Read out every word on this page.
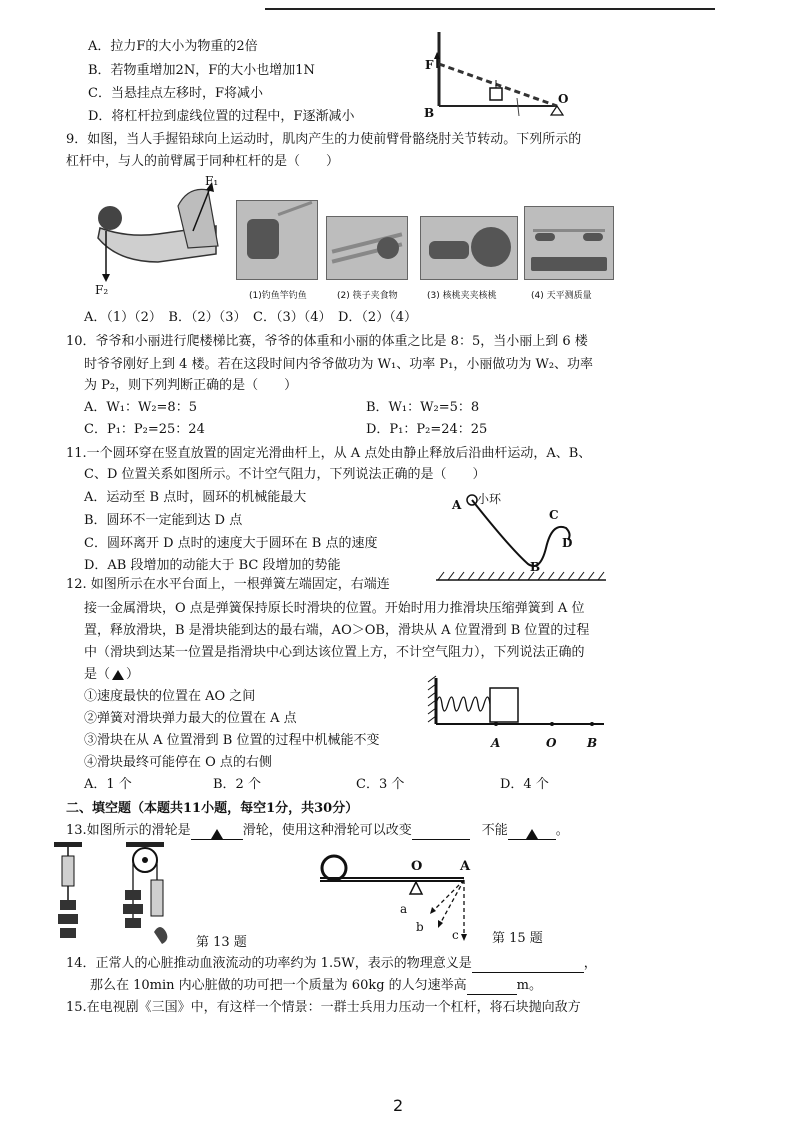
A．拉力F的大小为物重的2倍
B．若物重增加2N，F的大小也增加1N
C．当悬挂点左移时，F将减小
D．将杠杆拉到虚线位置的过程中，F逐渐减小
F
B
O
9．如图，当人手握铅球向上运动时，肌肉产生的力使前臂骨骼绕肘关节转动。下列所示的
杠杆中，与人的前臂属于同种杠杆的是（　　）
F₁
F₂	(1)钓鱼竿钓鱼	(2) 筷子夹食物	(3) 核桃夹夹核桃	(4) 天平测质量
A．（1）（2）　B．（2）（3）　C．（3）（4）　D．（2）（4）
10．爷爷和小丽进行爬楼梯比赛，爷爷的体重和小丽的体重之比是 8：5，当小丽上到 6 楼
时爷爷刚好上到 4 楼。若在这段时间内爷爷做功为 W₁、功率 P₁，小丽做功为 W₂、功率
为 P₂，则下列判断正确的是（　　）
A．W₁：W₂=8：5	B．W₁：W₂=5：8
C．P₁：P₂=25：24	D．P₁：P₂=24：25
11.一个圆环穿在竖直放置的固定光滑曲杆上，从 A 点处由静止释放后沿曲杆运动，A、B、
C、D 位置关系如图所示。不计空气阻力，下列说法正确的是（　　）
A．运动至 B 点时，圆环的机械能最大
B．圆环不一定能到达 D 点
C．圆环离开 D 点时的速度大于圆环在 B 点的速度
D．AB 段增加的动能大于 BC 段增加的势能
A 小环
C
D
B
12. 如图所示在水平台面上，一根弹簧左端固定，右端连
接一金属滑块，O 点是弹簧保持原长时滑块的位置。开始时用力推滑块压缩弹簧到 A 位
置，释放滑块，B 是滑块能到达的最右端，AO＞OB，滑块从 A 位置滑到 B 位置的过程
中（滑块到达某一位置是指滑块中心到达该位置上方，不计空气阻力），下列说法正确的
是（ ）
①速度最快的位置在 AO 之间
②弹簧对滑块弹力最大的位置在 A 点
③滑块在从 A 位置滑到 B 位置的过程中机械能不变
④滑块最终可能停在 O 点的右侧
A．1 个	B．2 个	C．3 个	D．4 个
A	O	B
二、填空题（本题共11小题，每空1分，共30分）
13.如图所示的滑轮是	滑轮，使用这种滑轮可以改变	不能	。
第 13 题
O	A
a
b
c	第 15 题
14．正常人的心脏推动血液流动的功率约为 1.5W，表示的物理意义是	，
那么在 10min 内心脏做的功可把一个质量为 60kg 的人匀速举高	m。
15.在电视剧《三国》中，有这样一个情景：一群士兵用力压动一个杠杆，将石块抛向敌方
2
